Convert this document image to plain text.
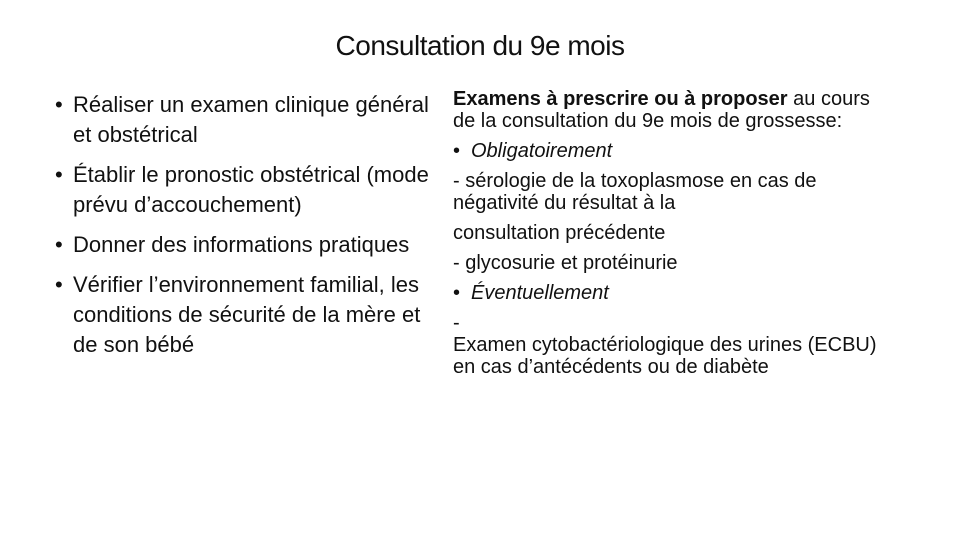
Consultation du 9e mois
• Réaliser un examen clinique général et obstétrical
• Établir le pronostic obstétrical (mode prévu d’accouchement)
• Donner des informations pratiques
• Vérifier l’environnement familial, les conditions de sécurité de la mère et de son bébé

Examens à prescrire ou à proposer au cours de la consultation du 9e mois de grossesse:

• Obligatoirement

- sérologie de la toxoplasmose en cas de négativité du résultat à la

consultation précédente

- glycosurie et protéinurie

• Éventuellement

-

Examen cytobactériologique des urines (ECBU) en cas d’antécédents ou de diabète
